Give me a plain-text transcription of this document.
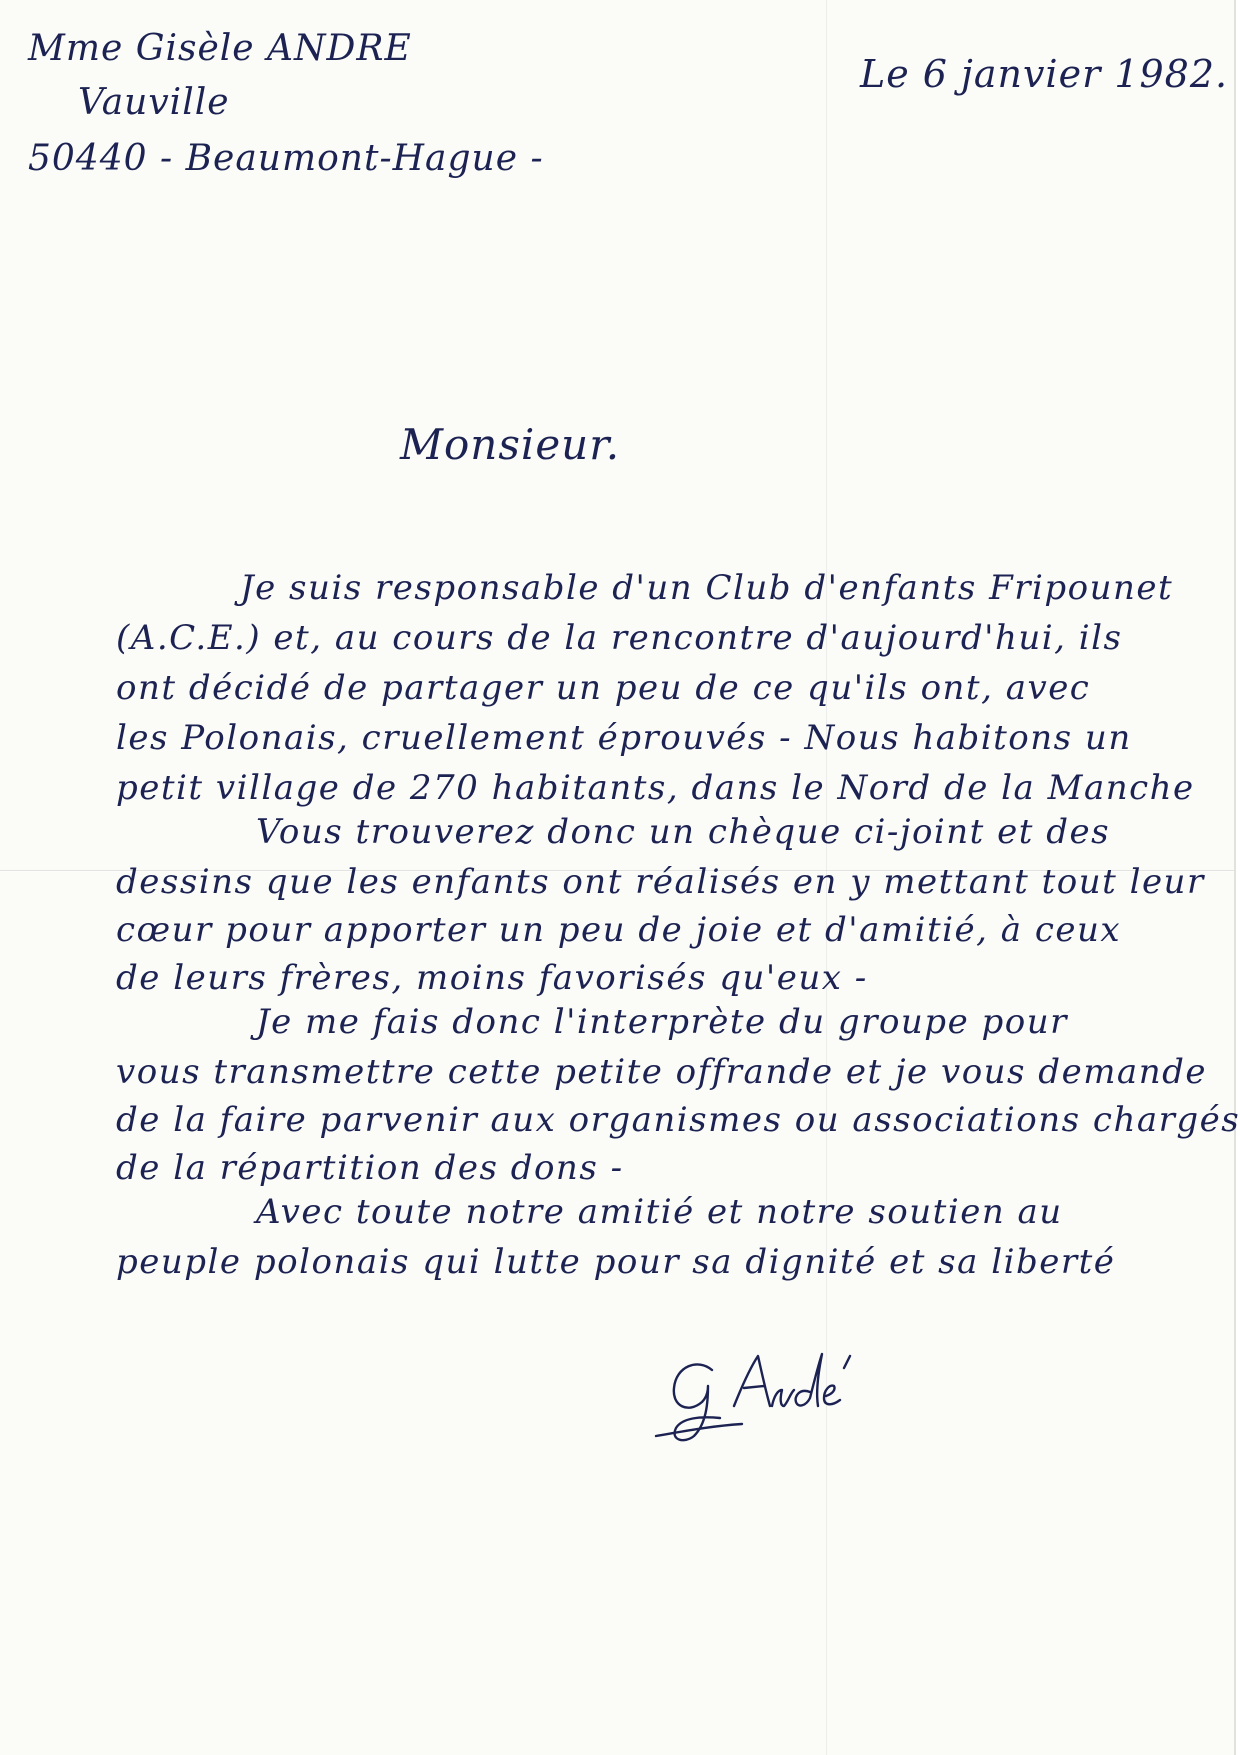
Mme Gisèle ANDRE
Vauville
50440 - Beaumont-Hague -
Le 6 janvier 1982.
Monsieur.
Je suis responsable d'un Club d'enfants Fripounet
(A.C.E.) et, au cours de la rencontre d'aujourd'hui, ils
ont décidé de partager un peu de ce qu'ils ont, avec
les Polonais, cruellement éprouvés - Nous habitons un
petit village de 270 habitants, dans le Nord de la Manche
Vous trouverez donc un chèque ci-joint et des
dessins que les enfants ont réalisés en y mettant tout leur
cœur pour apporter un peu de joie et d'amitié, à ceux
de leurs frères, moins favorisés qu'eux -
Je me fais donc l'interprète du groupe pour
vous transmettre cette petite offrande et je vous demande
de la faire parvenir aux organismes ou associations chargés
de la répartition des dons -
Avec toute notre amitié et notre soutien au
peuple polonais qui lutte pour sa dignité et sa liberté
